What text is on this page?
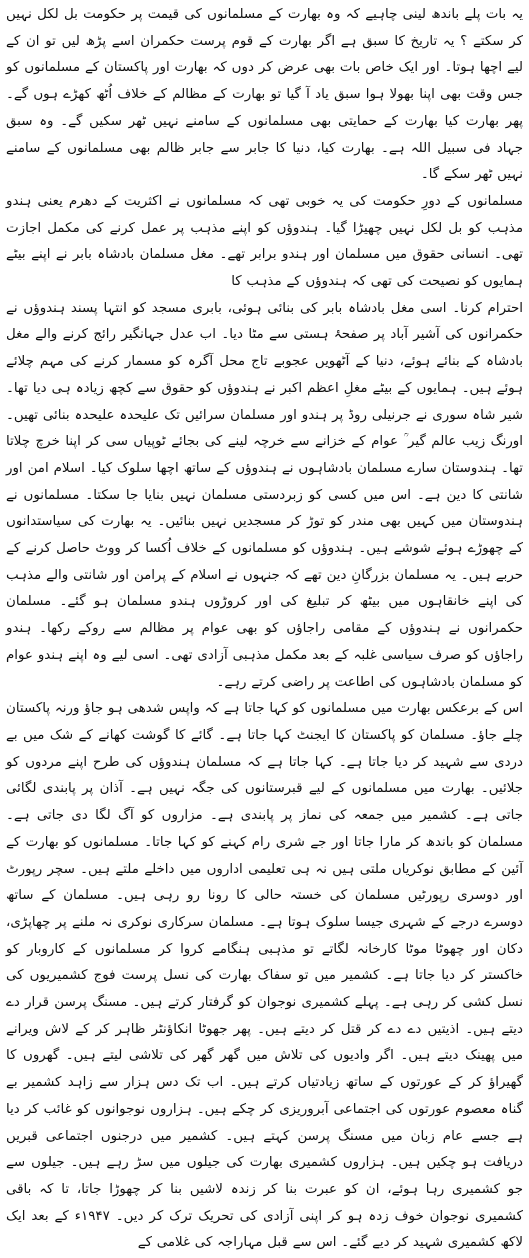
یہ بات پلے باندھ لینی چاہیے کہ وہ بھارت کے مسلمانوں کی قیمت پر حکومت بل لکل نہیں کر سکتے ؟ یہ تاریخ کا سبق ہے اگر بھارت کے قوم پرست حکمران اسے پڑھ لیں تو ان کے لیے اچھا ہوتا۔ اور ایک خاص بات بھی عرض کر دوں کہ بھارت اور پاکستان کے مسلمانوں کو جس وقت بھی اپنا بھولا ہوا سبق یاد آ گیا تو بھارت کے مظالم کے خلاف اُٹھ کھڑے ہوں گے۔ پھر بھارت کیا بھارت کے حمایتی بھی مسلمانوں کے سامنے نہیں ٹھر سکیں گے۔ وہ سبق جہاد فی سبیل اللہ ہے۔ بھارت کیا، دنیا کا جابر سے جابر ظالم بھی مسلمانوں کے سامنے نہیں ٹھر سکے گا۔

مسلمانوں کے دورِ حکومت کی یہ خوبی تھی کہ مسلمانوں نے اکثریت کے دھرم یعنی ہندو مذہب کو بل لکل نہیں چھیڑا گیا۔ ہندوؤں کو اپنے مذہب پر عمل کرنے کی مکمل اجازت تھی۔ انسانی حقوق میں مسلمان اور ہندو برابر تھے۔ مغل مسلمان بادشاہ بابر نے اپنے بیٹے ہمایوں کو نصیحت کی تھی کہ ہندوؤں کے مذہب کا

احترام کرنا۔ اسی مغل بادشاہ بابر کی بنائی ہوئی، بابری مسجد کو انتہا پسند ہندوؤں نے حکمرانوں کی آشیر آباد پر صفحۂ ہستی سے مٹا دیا۔ اب عدل جہانگیر رائج کرنے والے مغل بادشاہ کے بنائے ہوئے، دنیا کے آٹھویں عجوبے تاج محل آگرہ کو مسمار کرنے کی مہم چلائے ہوئے ہیں۔ ہمایوں کے بیٹے مغلِ اعظم اکبر نے ہندوؤں کو حقوق سے کچھ زیادہ ہی دیا تھا۔ شیر شاہ سوری نے جرنیلی روڈ پر ہندو اور مسلمان سرائیں تک علیحدہ علیحدہ بنائی تھیں۔ اورنگ زیب عالم گیر ؒ عوام کے خزانے سے خرچہ لینے کی بجائے ٹوپیاں سی کر اپنا خرچ چلاتا تھا۔ ہندوستان سارے مسلمان بادشاہوں نے ہندوؤں کے ساتھ اچھا سلوک کیا۔ اسلام امن اور شانتی کا دین ہے۔ اس میں کسی کو زبردستی مسلمان نہیں بنایا جا سکتا۔ مسلمانوں نے ہندوستان میں کہیں بھی مندر کو توڑ کر مسجدیں نہیں بنائیں۔ یہ بھارت کی سیاستدانوں کے چھوڑے ہوئے شوشے ہیں۔ ہندوؤں کو مسلمانوں کے خلاف اُکسا کر ووٹ حاصل کرنے کے حربے ہیں۔ یہ مسلمان بزرگانِ دین تھے کہ جنہوں نے اسلام کے پرامن اور شانتی والے مذہب کی اپنے خانقاہوں میں بیٹھ کر تبلیغ کی اور کروڑوں ہندو مسلمان ہو گئے۔ مسلمان حکمرانوں نے ہندوؤں کے مقامی راجاؤں کو بھی عوام پر مظالم سے روکے رکھا۔ ہندو راجاؤں کو صرف سیاسی غلبہ کے بعد مکمل مذہبی آزادی تھی۔ اسی لیے وہ اپنے ہندو عوام کو مسلمان بادشاہوں کی اطاعت پر راضی کرتے رہے۔

اس کے برعکس بھارت میں مسلمانوں کو کہا جاتا ہے کہ واپس شدھی ہو جاؤ ورنہ پاکستان چلے جاؤ۔ مسلمان کو پاکستان کا ایجنٹ کہا جاتا ہے۔ گائے کا گوشت کھانے کے شک میں بے دردی سے شہید کر دیا جاتا ہے۔ کہا جاتا ہے کہ مسلمان ہندوؤں کی طرح اپنے مردوں کو جلائیں۔ بھارت میں مسلمانوں کے لیے قبرستانوں کی جگہ نہیں ہے۔ آذان پر پابندی لگائی جاتی ہے۔ کشمیر میں جمعہ کی نماز پر پابندی ہے۔ مزاروں کو آگ لگا دی جاتی ہے۔ مسلمان کو باندھ کر مارا جاتا اور جے شری رام کہنے کو کہا جاتا۔ مسلمانوں کو بھارت کے آئین کے مطابق نوکریاں ملتی ہیں نہ ہی تعلیمی اداروں میں داخلے ملتے ہیں۔ سچر رپورٹ اور دوسری رپورٹیں مسلمان کی خستہ حالی کا رونا رو رہی ہیں۔ مسلمان کے ساتھ دوسرے درجے کے شہری جیسا سلوک ہوتا ہے۔ مسلمان سرکاری نوکری نہ ملنے پر چھاپڑی، دکان اور چھوٹا موٹا کارخانہ لگاتے تو مذہبی ہنگامے کروا کر مسلمانوں کے کاروبار کو خاکستر کر دیا جاتا ہے۔ کشمیر میں تو سفاک بھارت کی نسل پرست فوج کشمیریوں کی نسل کشی کر رہی ہے۔ پہلے کشمیری نوجوان کو گرفتار کرتے ہیں۔ مسنگ پرسن قرار دے دیتے ہیں۔ اذیتیں دے دے کر قتل کر دیتے ہیں۔ پھر جھوٹا انکاؤنٹر ظاہر کر کے لاش ویرانے میں پھینک دیتے ہیں۔ اگر وادیوں کی تلاش میں گھر گھر کی تلاشی لیتے ہیں۔ گھروں کا گھیراؤ کر کے عورتوں کے ساتھ زیادتیاں کرتے ہیں۔ اب تک دس ہزار سے زاہد کشمیر بے گناہ معصوم عورتوں کی اجتماعی آبروریزی کر چکے ہیں۔ ہزاروں نوجوانوں کو غائب کر دیا ہے جسے عام زبان میں مسنگ پرسن کہتے ہیں۔ کشمیر میں درجنوں اجتماعی قبریں دریافت ہو چکیں ہیں۔ ہزاروں کشمیری بھارت کی جیلوں میں سڑ رہے ہیں۔ جیلوں سے جو کشمیری رہا ہوئے، ان کو عبرت بنا کر زندہ لاشیں بنا کر چھوڑا جاتا، تا کہ باقی کشمیری نوجوان خوف زدہ ہو کر اپنی آزادی کی تحریک ترک کر دیں۔ ۱۹۴۷ء کے بعد ایک لاکھ کشمیری شہید کر دیے گئے۔ اس سے قبل مہاراجہ کی غلامی کے
